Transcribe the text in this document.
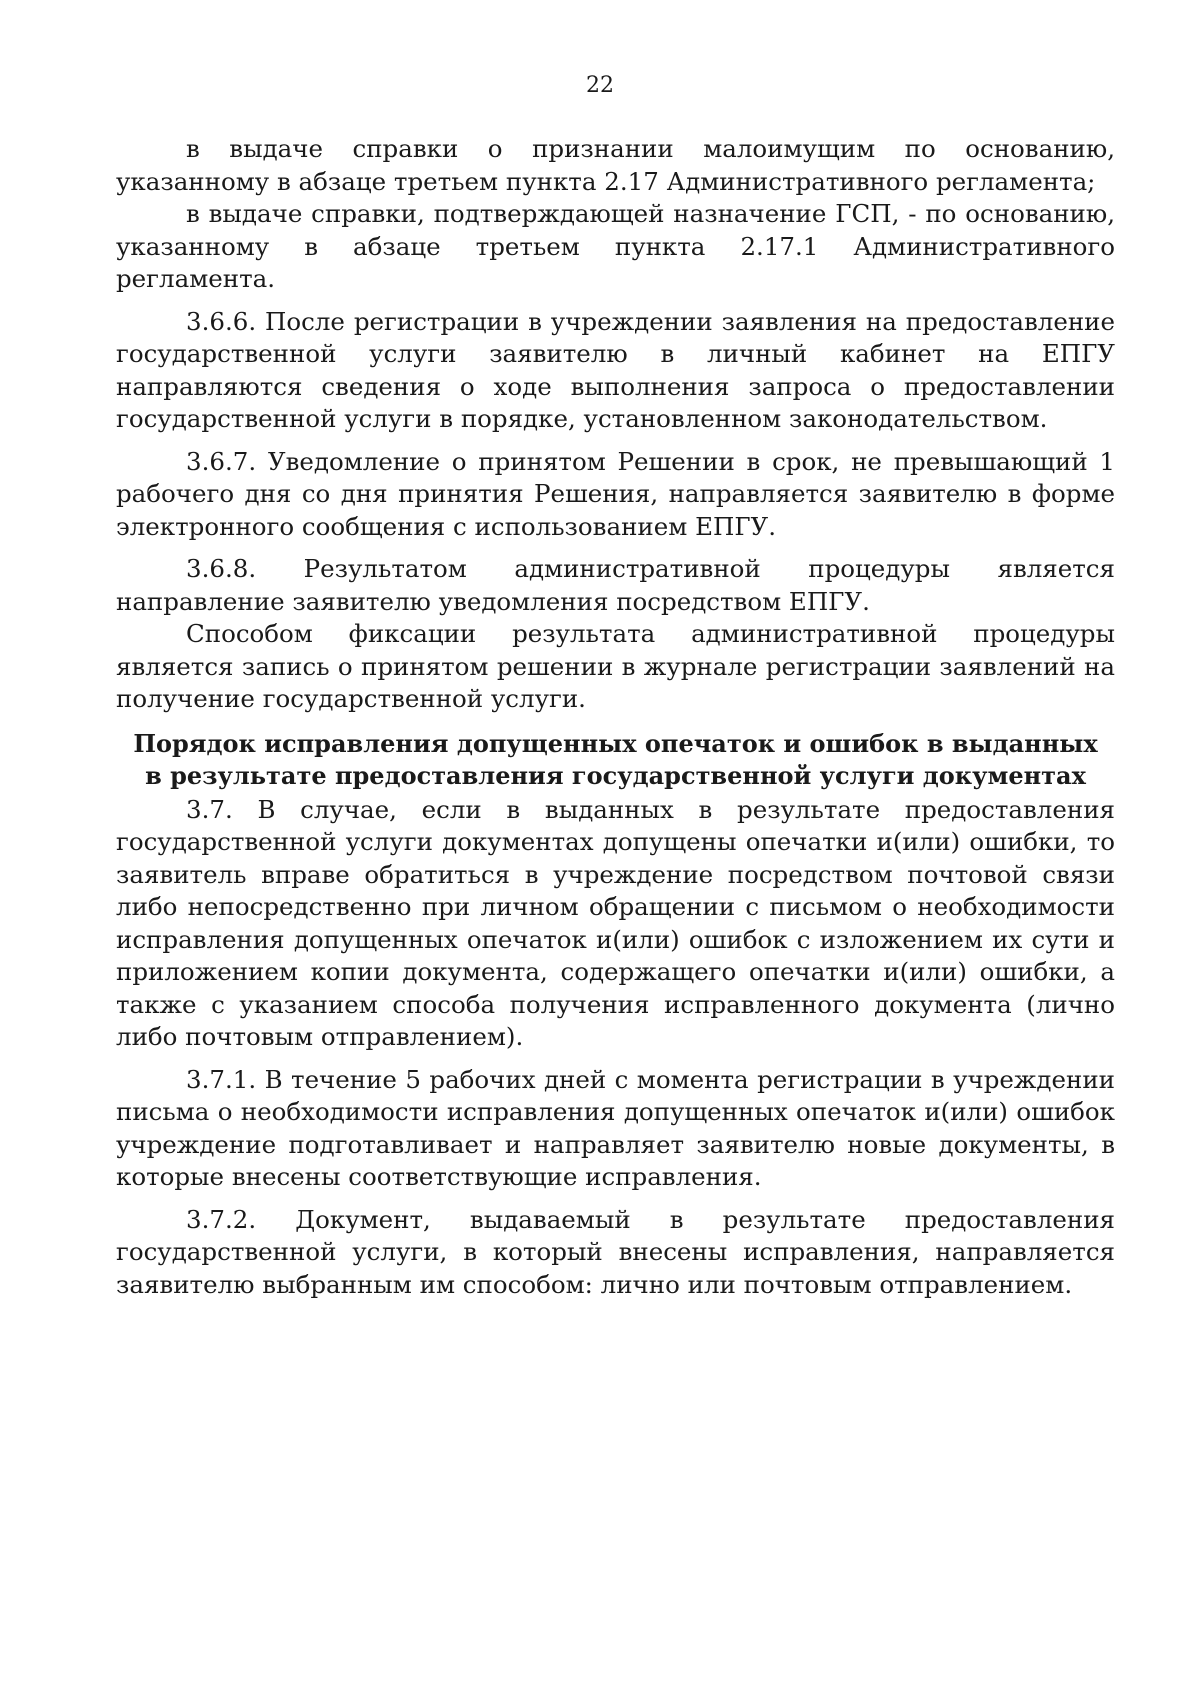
22

в выдаче справки о признании малоимущим по основанию, указанному в абзаце третьем пункта 2.17 Административного регламента;

в выдаче справки, подтверждающей назначение ГСП, - по основанию, указанному в абзаце третьем пункта 2.17.1 Административного регламента.

3.6.6. После регистрации в учреждении заявления на предоставление государственной услуги заявителю в личный кабинет на ЕПГУ направляются сведения о ходе выполнения запроса о предоставлении государственной услуги в порядке, установленном законодательством.

3.6.7. Уведомление о принятом Решении в срок, не превышающий 1 рабочего дня со дня принятия Решения, направляется заявителю в форме электронного сообщения с использованием ЕПГУ.

3.6.8. Результатом административной процедуры является направление заявителю уведомления посредством ЕПГУ.

Способом фиксации результата административной процедуры является запись о принятом решении в журнале регистрации заявлений на получение государственной услуги.

Порядок исправления допущенных опечаток и ошибок в выданных
в результате предоставления государственной услуги документах

3.7. В случае, если в выданных в результате предоставления государственной услуги документах допущены опечатки и(или) ошибки, то заявитель вправе обратиться в учреждение посредством почтовой связи либо непосредственно при личном обращении с письмом о необходимости исправления допущенных опечаток и(или) ошибок с изложением их сути и приложением копии документа, содержащего опечатки и(или) ошибки, а также с указанием способа получения исправленного документа (лично либо почтовым отправлением).

3.7.1. В течение 5 рабочих дней с момента регистрации в учреждении письма о необходимости исправления допущенных опечаток и(или) ошибок учреждение подготавливает и направляет заявителю новые документы, в которые внесены соответствующие исправления.

3.7.2. Документ, выдаваемый в результате предоставления государственной услуги, в который внесены исправления, направляется заявителю выбранным им способом: лично или почтовым отправлением.
